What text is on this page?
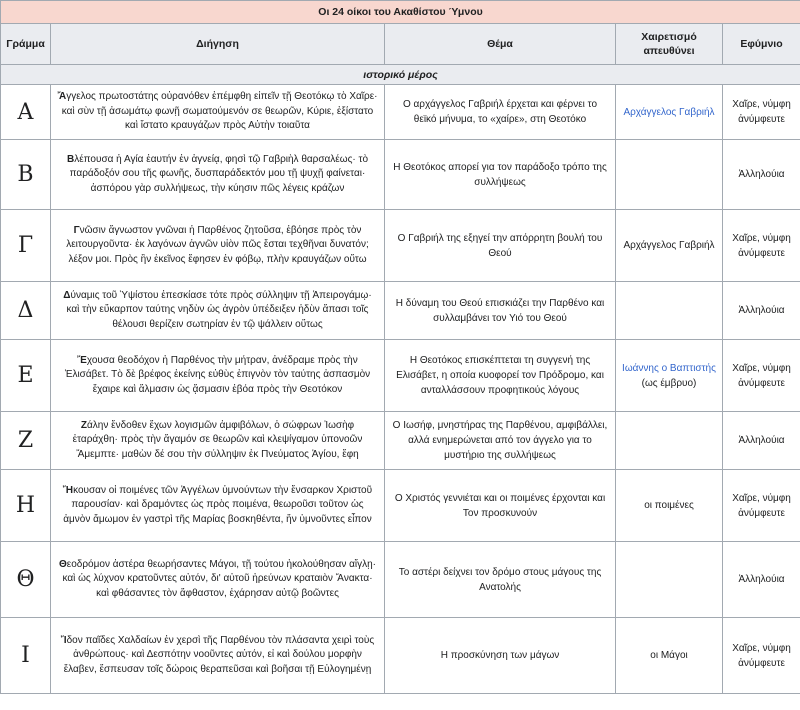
Οι 24 οίκοι του Ακαθίστου Ύμνου				
Γράμμα	Διήγηση	Θέμα	Χαιρετισμό απευθύνει	Εφύμνιο
ιστορικό μέρος				
Α	Ἄγγελος πρωτοστάτης οὐρανόθεν ἐπέμφθη εἰπεῖν τῇ Θεοτόκῳ τὸ Χαῖρε· καὶ σὺν τῇ ἀσωμάτῳ φωνῇ σωματούμενόν σε θεωρῶν, Κύριε, ἐξίστατο καὶ ἵστατο κραυγάζων πρὸς Αὐτὴν τοιαῦτα	Ο αρχάγγελος Γαβριήλ έρχεται και φέρνει το θεϊκό μήνυμα, το «χαίρε», στη Θεοτόκο	Αρχάγγελος Γαβριήλ	Χαῖρε, νύμφη ἀνύμφευτε
Β	Βλέπουσα ἡ Αγία ἑαυτήν ἐν ἁγνείᾳ, φησὶ τῷ Γαβριὴλ θαρσαλέως· τὸ παράδοξόν σου τῆς φωνῆς, δυσπαράδεκτόν μου τῇ ψυχῇ φαίνεται· ἀσπόρου γὰρ συλλήψεως, τὴν κύησιν πῶς λέγεις κράζων	Η Θεοτόκος απορεί για τον παράδοξο τρόπο της συλλήψεως		Ἀλληλούια
Γ	Γνῶσιν ἄγνωστον γνῶναι ἡ Παρθένος ζητοῦσα, ἐβόησε πρὸς τὸν λειτουργοῦντα· ἐκ λαγόνων ἁγνῶν υἱὸν πῶς ἔσται τεχθῆναι δυνατόν; λέξον μοι. Πρὸς ἣν ἐκεῖνος ἔφησεν ἐν φόβῳ, πλὴν κραυγάζων οὕτω	Ο Γαβριήλ της εξηγεί την απόρρητη βουλή του Θεού	Αρχάγγελος Γαβριήλ	Χαῖρε, νύμφη ἀνύμφευτε
Δ	Δύναμις τοῦ Ὑψίστου ἐπεσκίασε τότε πρὸς σύλληψιν τῇ Ἀπειρογάμῳ· καὶ τὴν εὔκαρπον ταύτης νηδὺν ὡς ἀγρὸν ὑπέδειξεν ἡδὺν ἅπασι τοῖς θέλουσι θερίζειν σωτηρίαν ἐν τῷ ψάλλειν οὕτως	Η δύναμη του Θεού επισκιάζει την Παρθένο και συλλαμβάνει τον Υιό του Θεού		Ἀλληλούια
Ε	Ἔχουσα θεοδόχον ἡ Παρθένος τὴν μήτραν, ἀνέδραμε πρὸς τὴν Ἐλισάβετ. Τὸ δὲ βρέφος ἐκείνης εὐθὺς ἐπιγνὸν τὸν ταύτης ἀσπασμὸν ἔχαιρε καὶ ἅλμασιν ὡς ᾄσμασιν ἐβόα πρὸς τὴν Θεοτόκον	Η Θεοτόκος επισκέπτεται τη συγγενή της Ελισάβετ, η οποία κυοφορεί τον Πρόδρομο, και ανταλλάσσουν προφητικούς λόγους	Ιωάννης ο Βαπτιστής (ως έμβρυο)	Χαῖρε, νύμφη ἀνύμφευτε
Ζ	Ζάλην ἔνδοθεν ἔχων λογισμῶν ἀμφιβόλων, ὁ σώφρων Ἰωσὴφ ἐταράχθη· πρὸς τὴν ἄγαμόν σε θεωρῶν καὶ κλεψίγαμον ὑπονοῶν Ἄμεμπτε· μαθὼν δέ σου τὴν σύλληψιν ἐκ Πνεύματος Ἁγίου, ἔφη	Ο Ιωσήφ, μνηστήρας της Παρθένου, αμφιβάλλει, αλλά ενημερώνεται από τον άγγελο για το μυστήριο της συλλήψεως		Ἀλληλούια
Η	Ἤκουσαν οἱ ποιμένες τῶν Ἀγγέλων ὑμνούντων τὴν ἔνσαρκον Χριστοῦ παρουσίαν· καὶ δραμόντες ὡς πρὸς ποιμένα, θεωροῦσι τοῦτον ὡς ἀμνὸν ἄμωμον ἐν γαστρὶ τῆς Μαρίας βοσκηθέντα, ἥν ὑμνοῦντες εἶπον	Ο Χριστός γεννιέται και οι ποιμένες έρχονται και Τον προσκυνούν	οι ποιμένες	Χαῖρε, νύμφη ἀνύμφευτε
Θ	Θεοδρόμον ἀστέρα θεωρήσαντες Μάγοι, τῇ τούτου ἠκολούθησαν αἴγλῃ· καὶ ὡς λύχνον κρατοῦντες αὐτόν, δι' αὐτοῦ ἠρεύνων κραταιὸν Ἄνακτα· καὶ φθάσαντες τὸν ἄφθαστον, ἐχάρησαν αὐτῷ βοῶντες	Το αστέρι δείχνει τον δρόμο στους μάγους της Ανατολής		Ἀλληλούια
Ι	Ἴδον παῖδες Χαλδαίων ἐν χερσὶ τῆς Παρθένου τὸν πλάσαντα χειρὶ τοὺς ἀνθρώπους· καὶ Δεσπότην νοοῦντες αὐτόν, εἰ καὶ δούλου μορφὴν ἔλαβεν, ἔσπευσαν τοῖς δώροις θεραπεῦσαι καὶ βοῆσαι τῇ Εὐλογημένῃ	Η προσκύνηση των μάγων	οι Μάγοι	Χαῖρε, νύμφη ἀνύμφευτε
